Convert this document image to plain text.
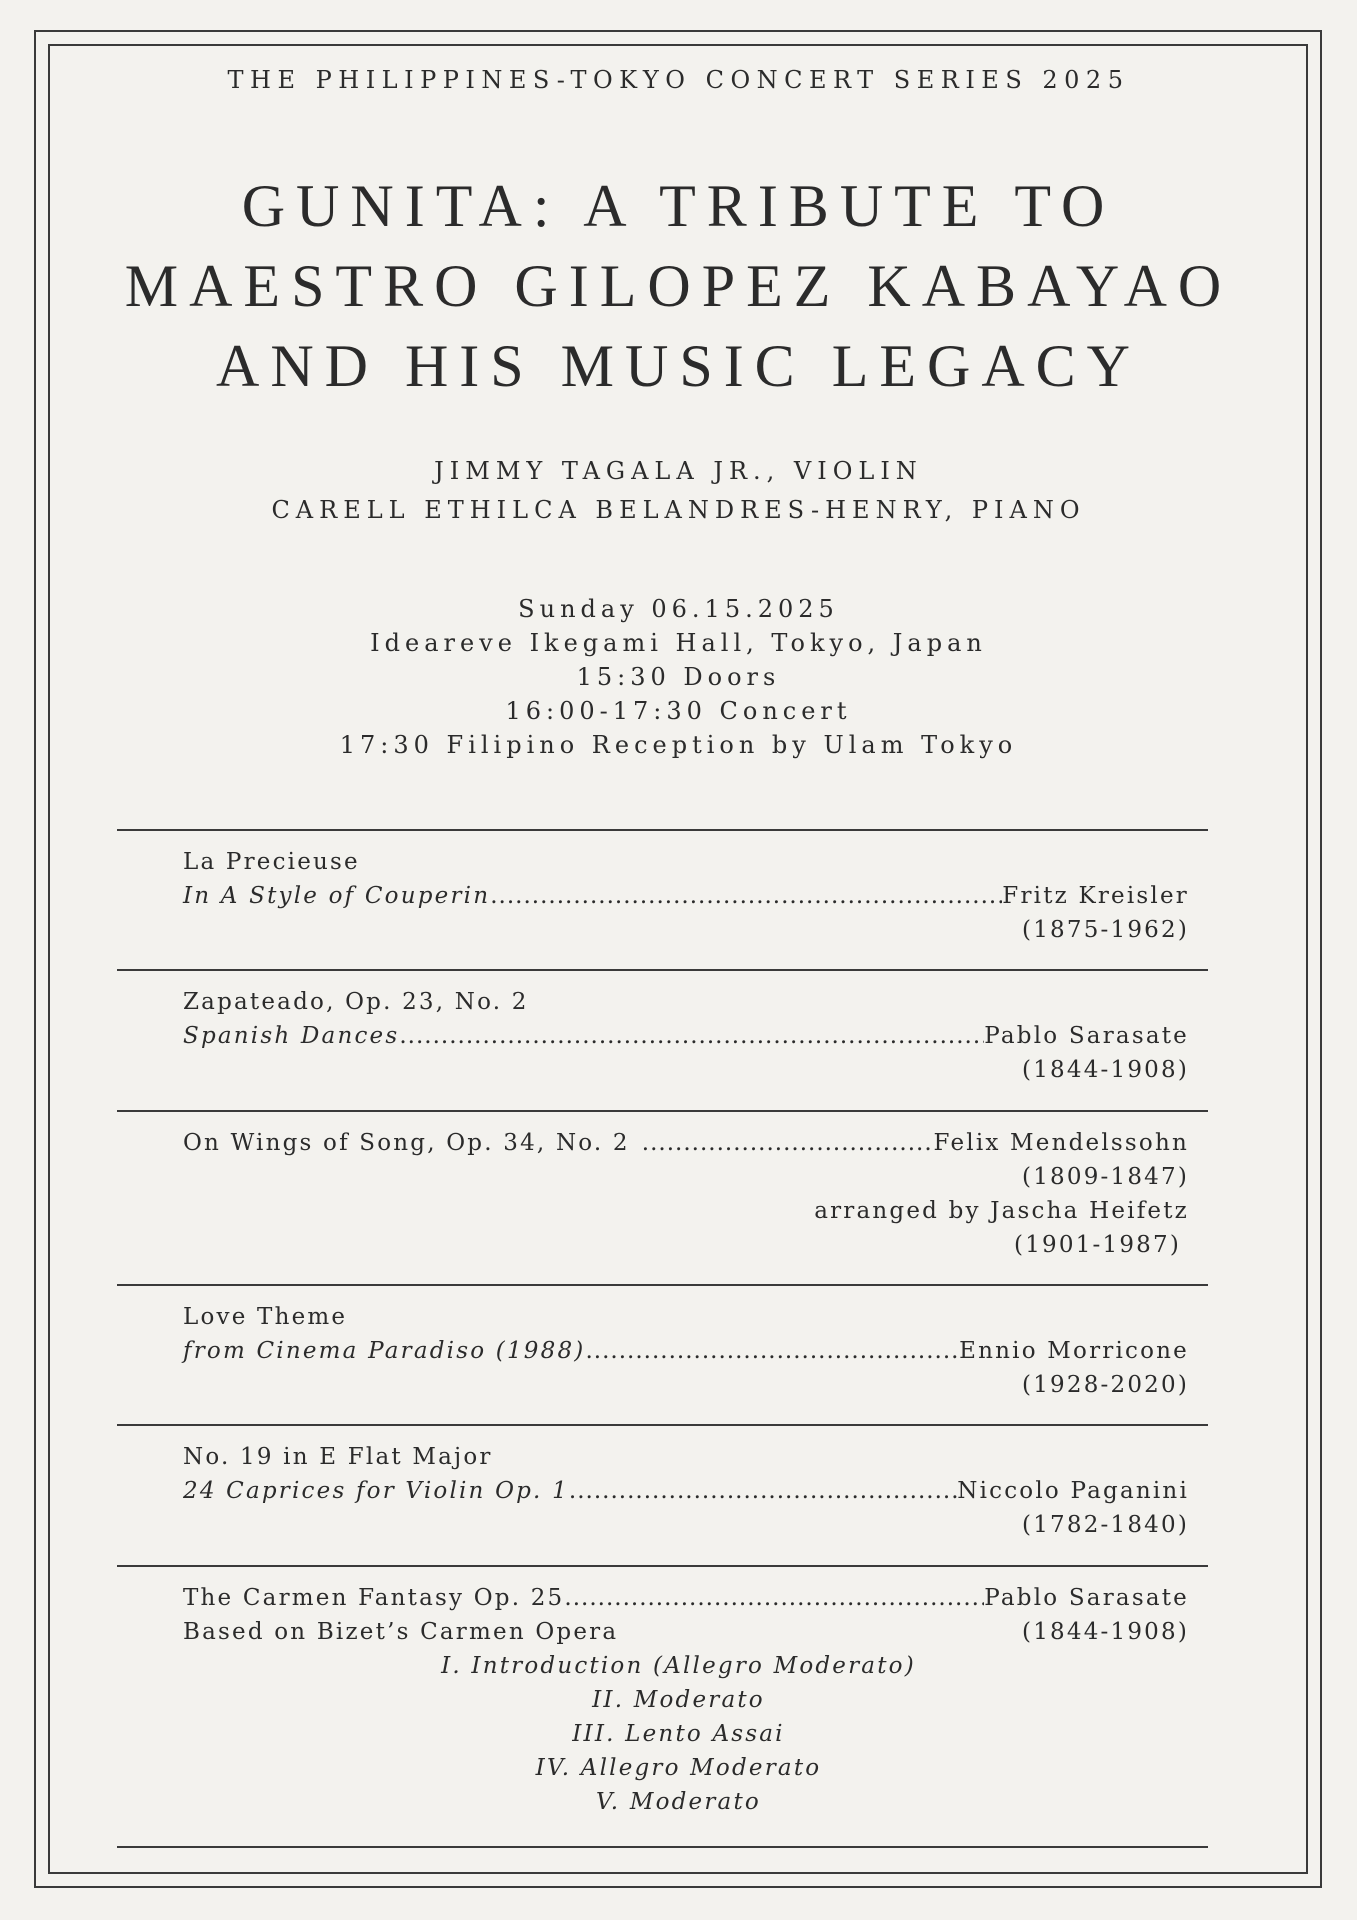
THE PHILIPPINES-TOKYO CONCERT SERIES 2025
GUNITA: A TRIBUTE TO
MAESTRO GILOPEZ KABAYAO
AND HIS MUSIC LEGACY
JIMMY TAGALA JR., VIOLIN
CARELL ETHILCA BELANDRES-HENRY, PIANO
Sunday 06.15.2025
Ideareve Ikegami Hall, Tokyo, Japan
15:30 Doors
16:00-17:30 Concert
17:30 Filipino Reception by Ulam Tokyo
La Precieuse
In A Style of Couperin .....	Fritz Kreisler
(1875-1962)
Zapateado, Op. 23, No. 2
Spanish Dances .....	Pablo Sarasate
(1844-1908)
On Wings of Song, Op. 34, No. 2 .....	Felix Mendelssohn
(1809-1847)
arranged by Jascha Heifetz
(1901-1987)
Love Theme
from Cinema Paradiso (1988) .....	Ennio Morricone
(1928-2020)
No. 19 in E Flat Major
24 Caprices for Violin Op. 1 .....	Niccolo Paganini
(1782-1840)
The Carmen Fantasy Op. 25 .....	Pablo Sarasate
Based on Bizet’s Carmen Opera	(1844-1908)
I. Introduction (Allegro Moderato)
II. Moderato
III. Lento Assai
IV. Allegro Moderato
V. Moderato
